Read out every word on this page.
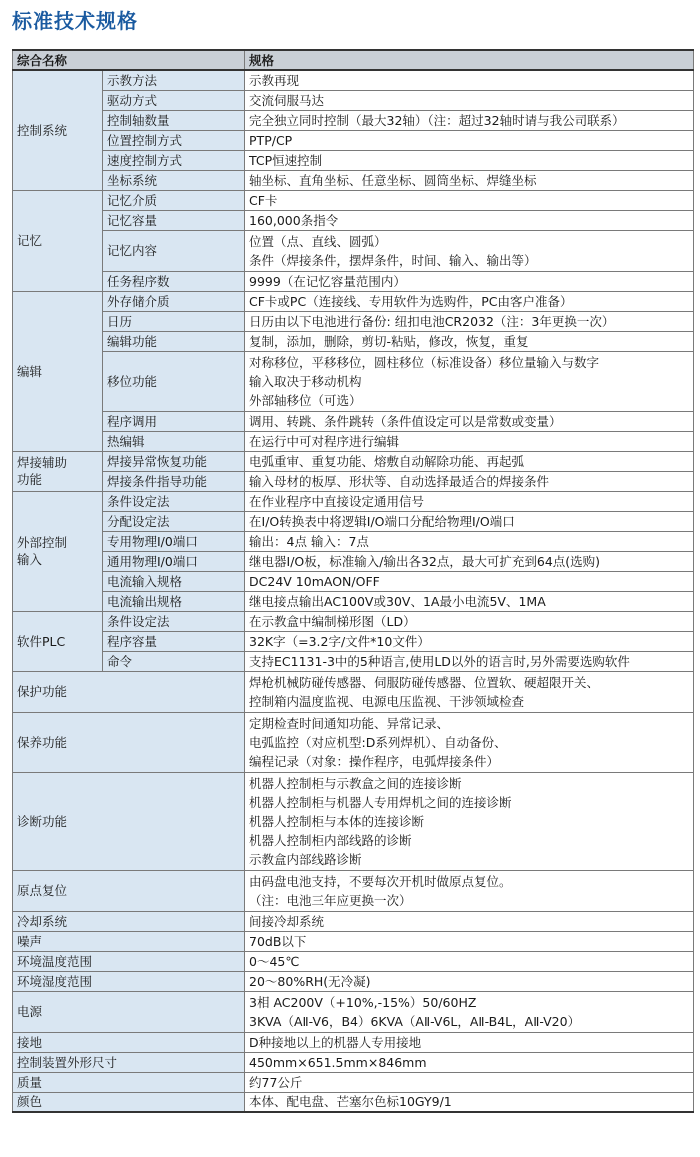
标准技术规格
综合名称		规格
控制系统	示教方法	示教再现
	驱动方式	交流伺服马达
	控制轴数量	完全独立同时控制（最大32轴）（注：超过32轴时请与我公司联系）
	位置控制方式	PTP/CP
	速度控制方式	TCP恒速控制
	坐标系统	轴坐标、直角坐标、任意坐标、圆筒坐标、焊缝坐标
记忆	记忆介质	CF卡
	记忆容量	160,000条指令
	记忆内容	位置（点、直线、圆弧）
条件（焊接条件，摆焊条件，时间、输入、输出等）

	任务程序数	9999（在记忆容量范围内）
编辑	外存储介质	CF卡或PC（连接线、专用软件为选购件，PC由客户准备）
	日历	日历由以下电池进行备份: 纽扣电池CR2032（注：3年更换一次）
	编辑功能	复制，添加，删除，剪切-粘贴，修改，恢复，重复
	移位功能	对称移位，平移移位，圆柱移位（标准设备）移位量输入与数字
输入取决于移动机构
外部轴移位（可选）

	程序调用	调用、转跳、条件跳转（条件值设定可以是常数或变量）
	热编辑	在运行中可对程序进行编辑

焊接辅助
功能	焊接异常恢复功能	电弧重审、重复功能、熔敷自动解除功能、再起弧
	焊接条件指导功能	输入母材的板厚、形状等、自动选择最适合的焊接条件

外部控制
输入	条件设定法	在作业程序中直接设定通用信号
	分配设定法	在I/O转换表中将逻辑I/O端口分配给物理I/O端口
	专用物理I/0端口	输出：4点 输入：7点
	通用物理I/0端口	继电器I/O板，标准输入/输出各32点，最大可扩充到64点(选购)
	电流输入规格	DC24V 10mAON/OFF
	电流输出规格	继电接点输出AC100V或30V、1A最小电流5V、1MA
软件PLC	条件设定法	在示教盒中编制梯形图（LD）
	程序容量	32K字（=3.2字/文件*10文件）
	命令	支持EC1131-3中的5种语言,使用LD以外的语言时,另外需要选购软件
保护功能		焊枪机械防碰传感器、伺服防碰传感器、位置软、硬超限开关、
控制箱内温度监视、电源电压监视、干涉领域检查

保养功能		定期检查时间通知功能、异常记录、
电弧监控（对应机型:D系列焊机）、自动备份、
编程记录（对象：操作程序，电弧焊接条件）

诊断功能		机器人控制柜与示教盒之间的连接诊断
机器人控制柜与机器人专用焊机之间的连接诊断
机器人控制柜与本体的连接诊断
机器人控制柜内部线路的诊断
示教盒内部线路诊断

原点复位		由码盘电池支持，不要每次开机时做原点复位。
（注：电池三年应更换一次）

冷却系统		间接冷却系统
噪声		70dB以下
环境温度范围		0～45℃
环境湿度范围		20～80%RH(无冷凝)
电源		3相 AC200V（+10%,-15%）50/60HZ
3KVA（AⅡ-V6，B4）6KVA（AⅡ-V6L，AⅡ-B4L，AⅡ-V20）

接地		D种接地以上的机器人专用接地
控制装置外形尺寸		450mm×651.5mm×846mm
质量		约77公斤
颜色		本体、配电盘、芒塞尔色标10GY9/1
